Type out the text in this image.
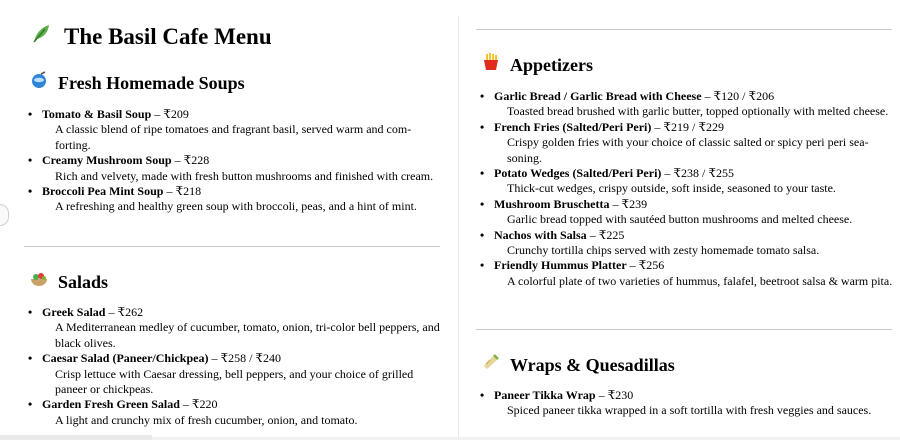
The Basil Cafe Menu
Fresh Homemade Soups
• Tomato & Basil Soup – ₹209
A classic blend of ripe tomatoes and fragrant basil, served warm and com-forting.
• Creamy Mushroom Soup – ₹228
Rich and velvety, made with fresh button mushrooms and finished with cream.
• Broccoli Pea Mint Soup – ₹218
A refreshing and healthy green soup with broccoli, peas, and a hint of mint.
Salads
• Greek Salad – ₹262
A Mediterranean medley of cucumber, tomato, onion, tri-color bell peppers, and black olives.
• Caesar Salad (Paneer/Chickpea) – ₹258 / ₹240
Crisp lettuce with Caesar dressing, bell peppers, and your choice of grilled paneer or chickpeas.
• Garden Fresh Green Salad – ₹220
A light and crunchy mix of fresh cucumber, onion, and tomato.
Appetizers
• Garlic Bread / Garlic Bread with Cheese – ₹120 / ₹206
Toasted bread brushed with garlic butter, topped optionally with melted cheese.
• French Fries (Salted/Peri Peri) – ₹219 / ₹229
Crispy golden fries with your choice of classic salted or spicy peri peri sea-soning.
• Potato Wedges (Salted/Peri Peri) – ₹238 / ₹255
Thick-cut wedges, crispy outside, soft inside, seasoned to your taste.
• Mushroom Bruschetta – ₹239
Garlic bread topped with sautéed button mushrooms and melted cheese.
• Nachos with Salsa – ₹225
Crunchy tortilla chips served with zesty homemade tomato salsa.
• Friendly Hummus Platter – ₹256
A colorful plate of two varieties of hummus, falafel, beetroot salsa & warm pita.
Wraps & Quesadillas
• Paneer Tikka Wrap – ₹230
Spiced paneer tikka wrapped in a soft tortilla with fresh veggies and sauces.
